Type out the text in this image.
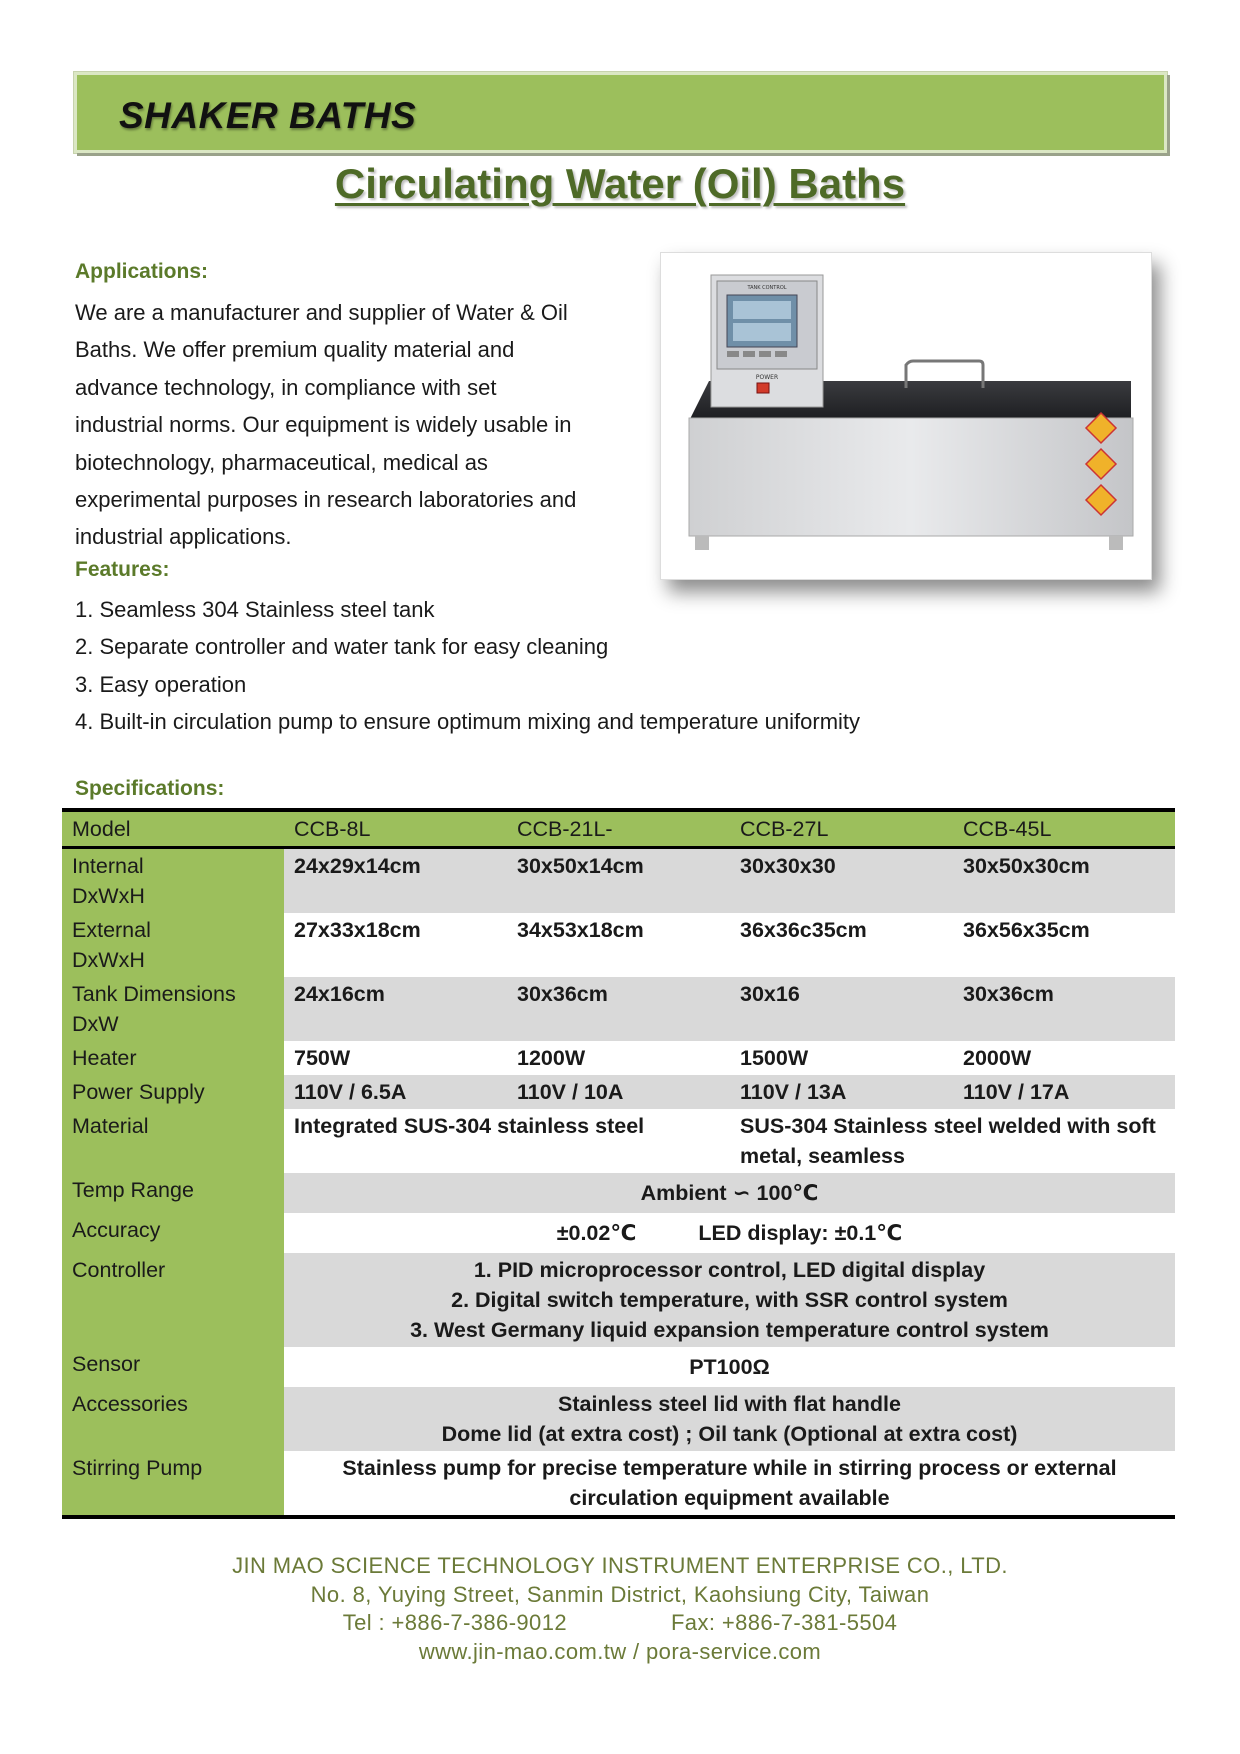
SHAKER BATHS
Circulating Water (Oil) Baths
Applications:
We are a manufacturer and supplier of Water & Oil
Baths. We offer premium quality material and
advance technology, in compliance with set
industrial norms. Our equipment is widely usable in
biotechnology, pharmaceutical, medical as
experimental purposes in research laboratories and
industrial applications.
Features:
1. Seamless 304 Stainless steel tank
2. Separate controller and water tank for easy cleaning
3. Easy operation
4. Built-in circulation pump to ensure optimum mixing and temperature uniformity
TANK CONTROL
POWER
Specifications:
Model	CCB-8L	CCB-21L-	CCB-27L	CCB-45L

Internal
DxWxH	24x29x14cm	30x50x14cm	30x30x30	30x50x30cm

External
DxWxH	27x33x18cm	34x53x18cm	36x36c35cm	36x56x35cm

Tank Dimensions
DxW	24x16cm	30x36cm	30x16	30x36cm
Heater	750W	1200W	1500W	2000W
Power Supply	110V / 6.5A	110V / 10A	110V / 13A	110V / 17A
Material	Integrated SUS-304 stainless steel		SUS-304 Stainless steel welded with soft metal, seamless	
Temp Range	Ambient ∽ 100℃			
Accuracy	±0.02℃ LED display: ±0.1℃			
Controller	1. PID microprocessor control, LED digital display
2. Digital switch temperature, with SSR control system
3. West Germany liquid expansion temperature control system			

Sensor	PT100Ω			
Accessories	Stainless steel lid with flat handle
Dome lid (at extra cost) ; Oil tank (Optional at extra cost)			

Stirring Pump	Stainless pump for precise temperature while in stirring process or external
circulation equipment available			
JIN MAO SCIENCE TECHNOLOGY INSTRUMENT ENTERPRISE CO., LTD.
No. 8, Yuying Street, Sanmin District, Kaohsiung City, Taiwan
Tel : +886-7-386-9012	Fax: +886-7-381-5504
www.jin-mao.com.tw / pora-service.com
